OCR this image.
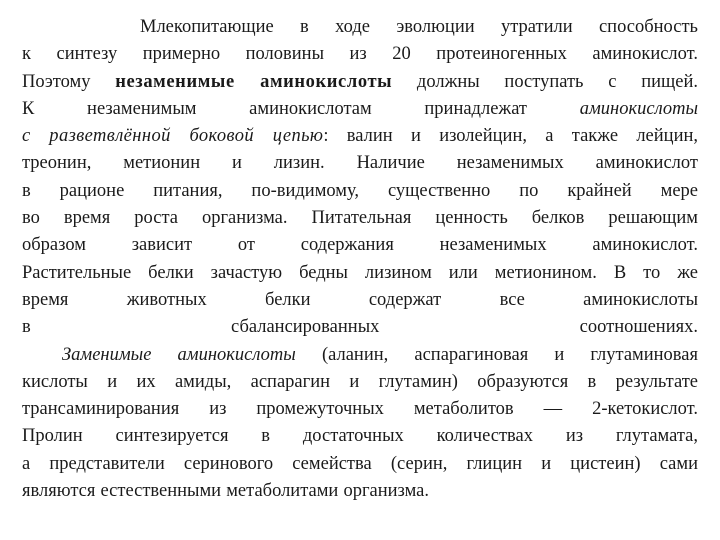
Млекопитающие в ходе эволюции утратили способность
к синтезу примерно половины из 20 протеиногенных аминокислот.
Поэтому незаменимые аминокислоты должны поступать с пищей.
К незаменимым аминокислотам принадлежат аминокислоты
с разветвлённой боковой цепью: валин и изолейцин, а также лейцин,
треонин, метионин и лизин. Наличие незаменимых аминокислот
в рационе питания, по-видимому, существенно по крайней мере
во время роста организма. Питательная ценность белков решающим
образом зависит от содержания незаменимых аминокислот.
Растительные белки зачастую бедны лизином или метионином. В то же
время животных белки содержат все аминокислоты
в сбалансированных соотношениях.
Заменимые аминокислоты (аланин, аспарагиновая и глутаминовая
кислоты и их амиды, аспарагин и глутамин) образуются в результате
трансаминирования из промежуточных метаболитов — 2-кетокислот.
Пролин синтезируется в достаточных количествах из глутамата,
а представители серинового семейства (серин, глицин и цистеин) сами
являются естественными метаболитами организма.
